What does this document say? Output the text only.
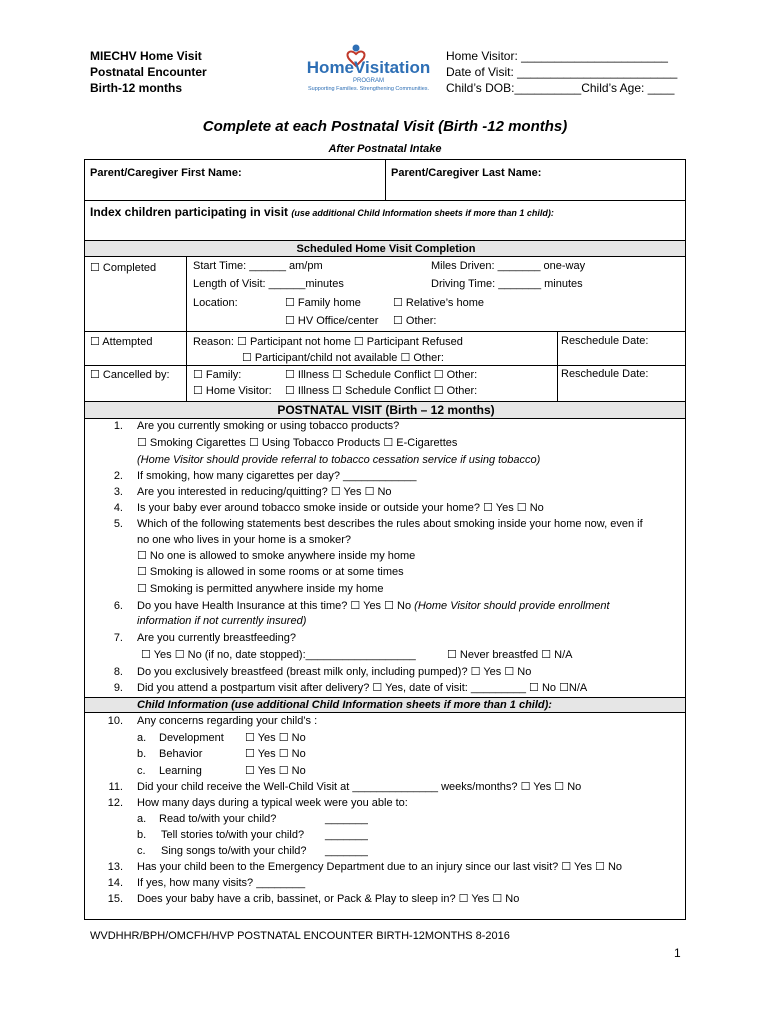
MIECHV Home Visit
Postnatal Encounter
Birth-12 months
HomeVisitation
PROGRAM
Supporting Families. Strengthening Communities.
Home Visitor: ______________________
Date of Visit: ________________________
Child’s DOB:__________Child’s Age: ____
Complete at each Postnatal Visit (Birth -12 months)
After Postnatal Intake
Parent/Caregiver First Name:	Parent/Caregiver Last Name:
Index children participating in visit (use additional Child Information sheets if more than 1 child):
Scheduled Home Visit Completion
☐ Completed	Start Time: ______ am/pm	Miles Driven: _______ one-way
Length of Visit: ______minutes	Driving Time: _______ minutes
Location:	☐ Family home	☐ Relative’s home
☐ HV Office/center ☐ Other:
☐ Attempted	Reason: ☐ Participant not home ☐ Participant Refused
☐ Participant/child not available ☐ Other:
Reschedule Date:
☐ Cancelled by: ☐ Family:	☐ Illness ☐ Schedule Conflict ☐ Other:
☐ Home Visitor: ☐ Illness ☐ Schedule Conflict ☐ Other:
Reschedule Date:
POSTNATAL VISIT (Birth – 12 months)
1. Are you currently smoking or using tobacco products?
☐ Smoking Cigarettes ☐ Using Tobacco Products ☐ E-Cigarettes
(Home Visitor should provide referral to tobacco cessation service if using tobacco)
2. If smoking, how many cigarettes per day? ____________
3. Are you interested in reducing/quitting? ☐ Yes ☐ No
4. Is your baby ever around tobacco smoke inside or outside your home? ☐ Yes ☐ No
5. Which of the following statements best describes the rules about smoking inside your home now, even if
no one who lives in your home is a smoker?
☐ No one is allowed to smoke anywhere inside my home
☐ Smoking is allowed in some rooms or at some times
☐ Smoking is permitted anywhere inside my home
6. Do you have Health Insurance at this time? ☐ Yes ☐ No (Home Visitor should provide enrollment
information if not currently insured)
7. Are you currently breastfeeding?
☐ Yes ☐ No (if no, date stopped):__________________	☐ Never breastfed ☐ N/A
8. Do you exclusively breastfeed (breast milk only, including pumped)? ☐ Yes ☐ No
9. Did you attend a postpartum visit after delivery? ☐ Yes, date of visit: _________ ☐ No ☐N/A
Child Information (use additional Child Information sheets if more than 1 child):
10. Any concerns regarding your child’s :
a. Development ☐ Yes ☐ No
b. Behavior	☐ Yes ☐ No
c. Learning	☐ Yes ☐ No
11. Did your child receive the Well-Child Visit at ______________ weeks/months? ☐ Yes ☐ No
12. How many days during a typical week were you able to:
a. Read to/with your child?	_______
b. Tell stories to/with your child? _______
c. Sing songs to/with your child? _______
13. Has your child been to the Emergency Department due to an injury since our last visit? ☐ Yes ☐ No
14. If yes, how many visits? ________
15. Does your baby have a crib, bassinet, or Pack & Play to sleep in? ☐ Yes ☐ No
WVDHHR/BPH/OMCFH/HVP POSTNATAL ENCOUNTER BIRTH-12MONTHS 8-2016
1
